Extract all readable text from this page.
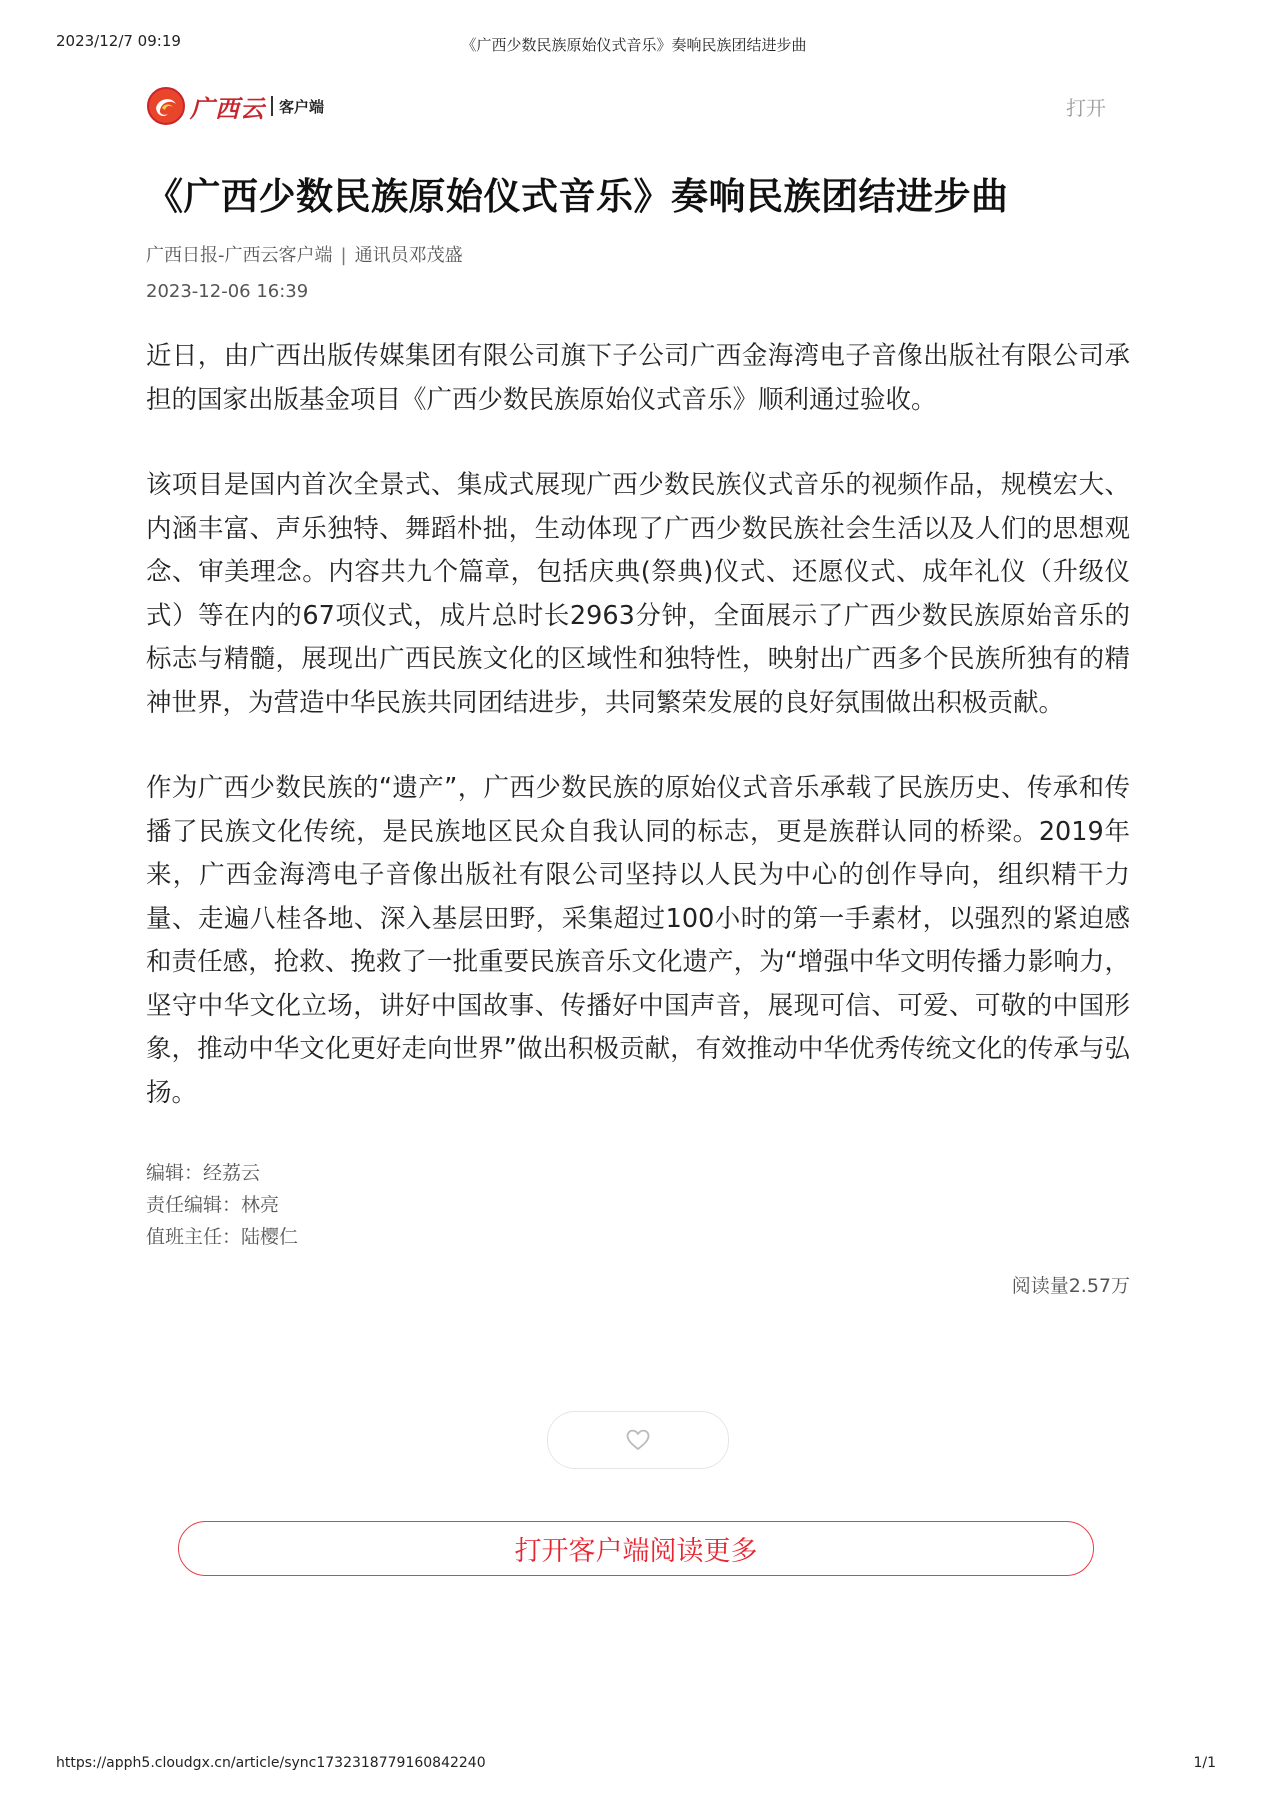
2023/12/7 09:19	《广西少数民族原始仪式音乐》奏响民族团结进步曲
广西云 客户端	打开
《广西少数民族原始仪式音乐》奏响民族团结进步曲
广西日报-广西云客户端 | 通讯员邓茂盛
2023-12-06 16:39

近日，由广西出版传媒集团有限公司旗下子公司广西金海湾电子音像出版社有限公司承担的国家出版基金项目《广西少数民族原始仪式音乐》顺利通过验收。

该项目是国内首次全景式、集成式展现广西少数民族仪式音乐的视频作品，规模宏大、内涵丰富、声乐独特、舞蹈朴拙，生动体现了广西少数民族社会生活以及人们的思想观念、审美理念。内容共九个篇章，包括庆典(祭典)仪式、还愿仪式、成年礼仪（升级仪式）等在内的67项仪式，成片总时长2963分钟，全面展示了广西少数民族原始音乐的标志与精髓，展现出广西民族文化的区域性和独特性，映射出广西多个民族所独有的精神世界，为营造中华民族共同团结进步，共同繁荣发展的良好氛围做出积极贡献。

作为广西少数民族的“遗产”，广西少数民族的原始仪式音乐承载了民族历史、传承和传播了民族文化传统，是民族地区民众自我认同的标志，更是族群认同的桥梁。2019年来，广西金海湾电子音像出版社有限公司坚持以人民为中心的创作导向，组织精干力量、走遍八桂各地、深入基层田野，采集超过100小时的第一手素材，以强烈的紧迫感和责任感，抢救、挽救了一批重要民族音乐文化遗产，为“增强中华文明传播力影响力，坚守中华文化立场，讲好中国故事、传播好中国声音，展现可信、可爱、可敬的中国形象，推动中华文化更好走向世界”做出积极贡献，有效推动中华优秀传统文化的传承与弘扬。

编辑：经荔云
责任编辑：林亮
值班主任：陆樱仁
阅读量2.57万
打开客户端阅读更多
https://apph5.cloudgx.cn/article/sync1732318779160842240	1/1
